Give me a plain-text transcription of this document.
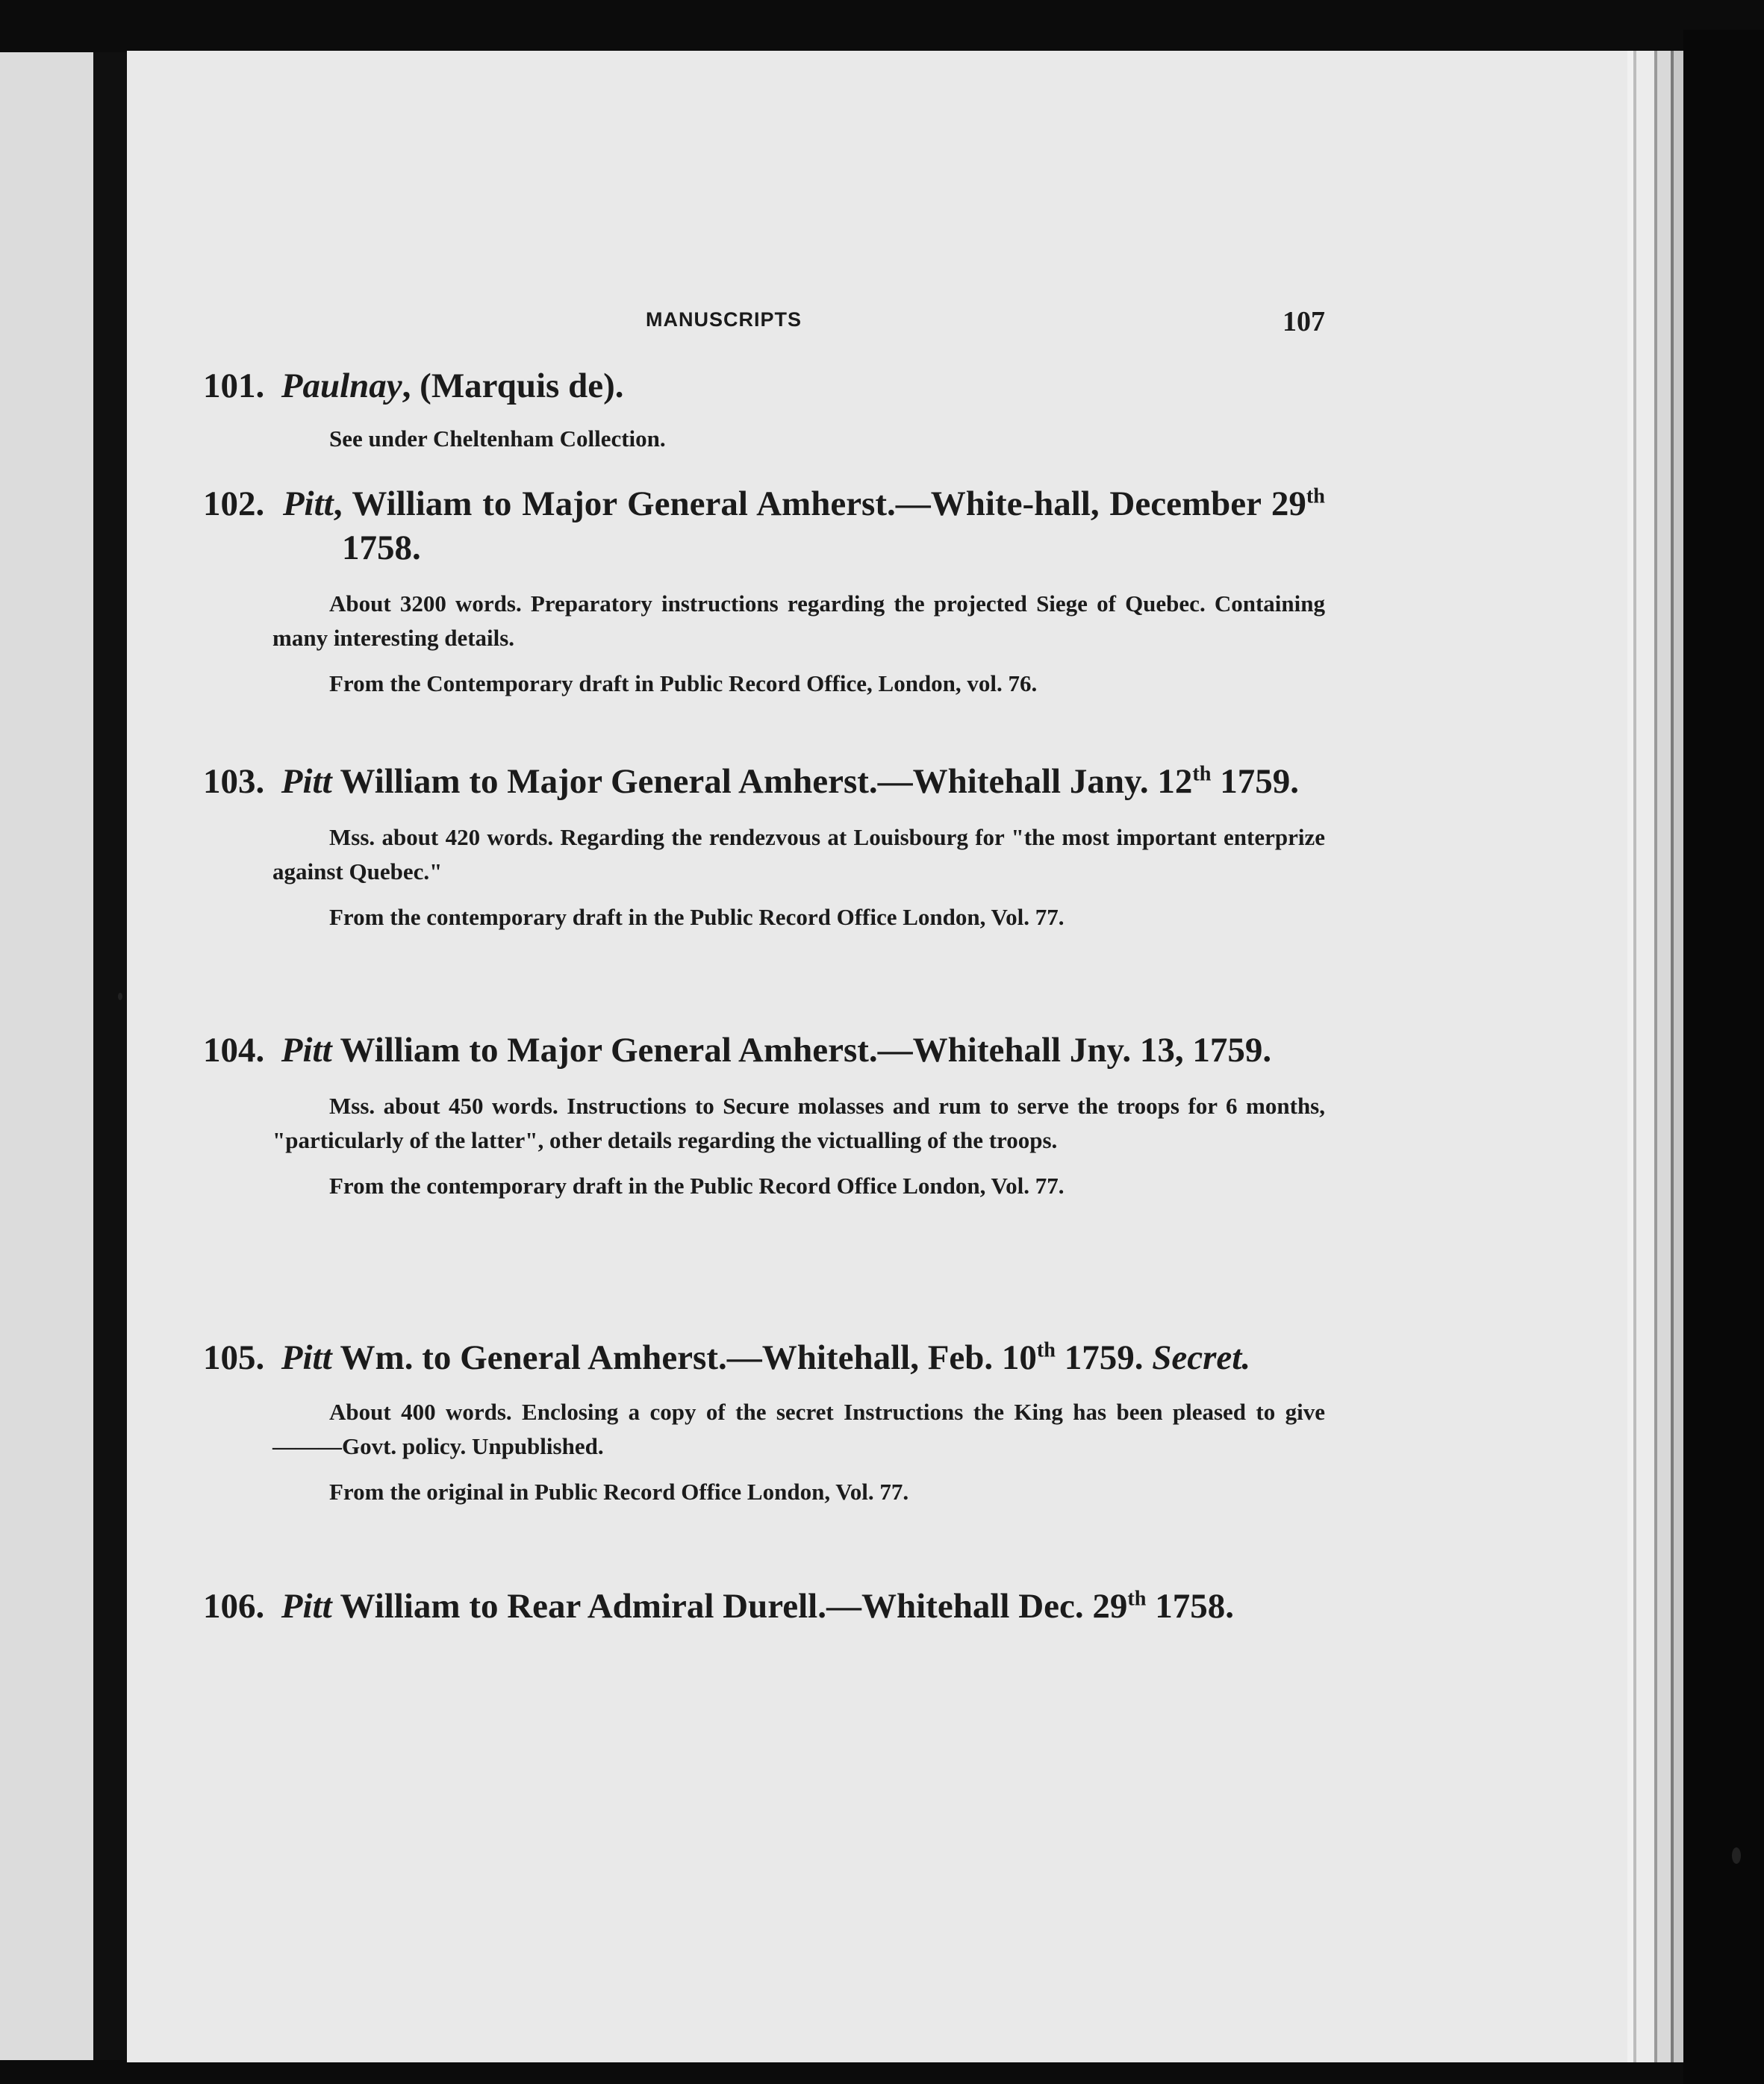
MANUSCRIPTS	107
101. Paulnay, (Marquis de).
See under Cheltenham Collection.
102. Pitt, William to Major General Amherst.—White-hall, December 29th 1758.
About 3200 words. Preparatory instructions regarding the projected Siege of Quebec. Containing many interesting details.
From the Contemporary draft in Public Record Office, London, vol. 76.
103. Pitt William to Major General Amherst.—Whitehall Jany. 12th 1759.
Mss. about 420 words. Regarding the rendezvous at Louisbourg for "the most important enterprize against Quebec."
From the contemporary draft in the Public Record Office London, Vol. 77.
104. Pitt William to Major General Amherst.—Whitehall Jny. 13, 1759.
Mss. about 450 words. Instructions to Secure molasses and rum to serve the troops for 6 months, "particularly of the latter", other details regarding the victualling of the troops.
From the contemporary draft in the Public Record Office London, Vol. 77.
105. Pitt Wm. to General Amherst.—Whitehall, Feb. 10th 1759. Secret.
About 400 words. Enclosing a copy of the secret Instructions the King has been pleased to give———Govt. policy. Unpublished.
From the original in Public Record Office London, Vol. 77.
106. Pitt William to Rear Admiral Durell.—Whitehall Dec. 29th 1758.
